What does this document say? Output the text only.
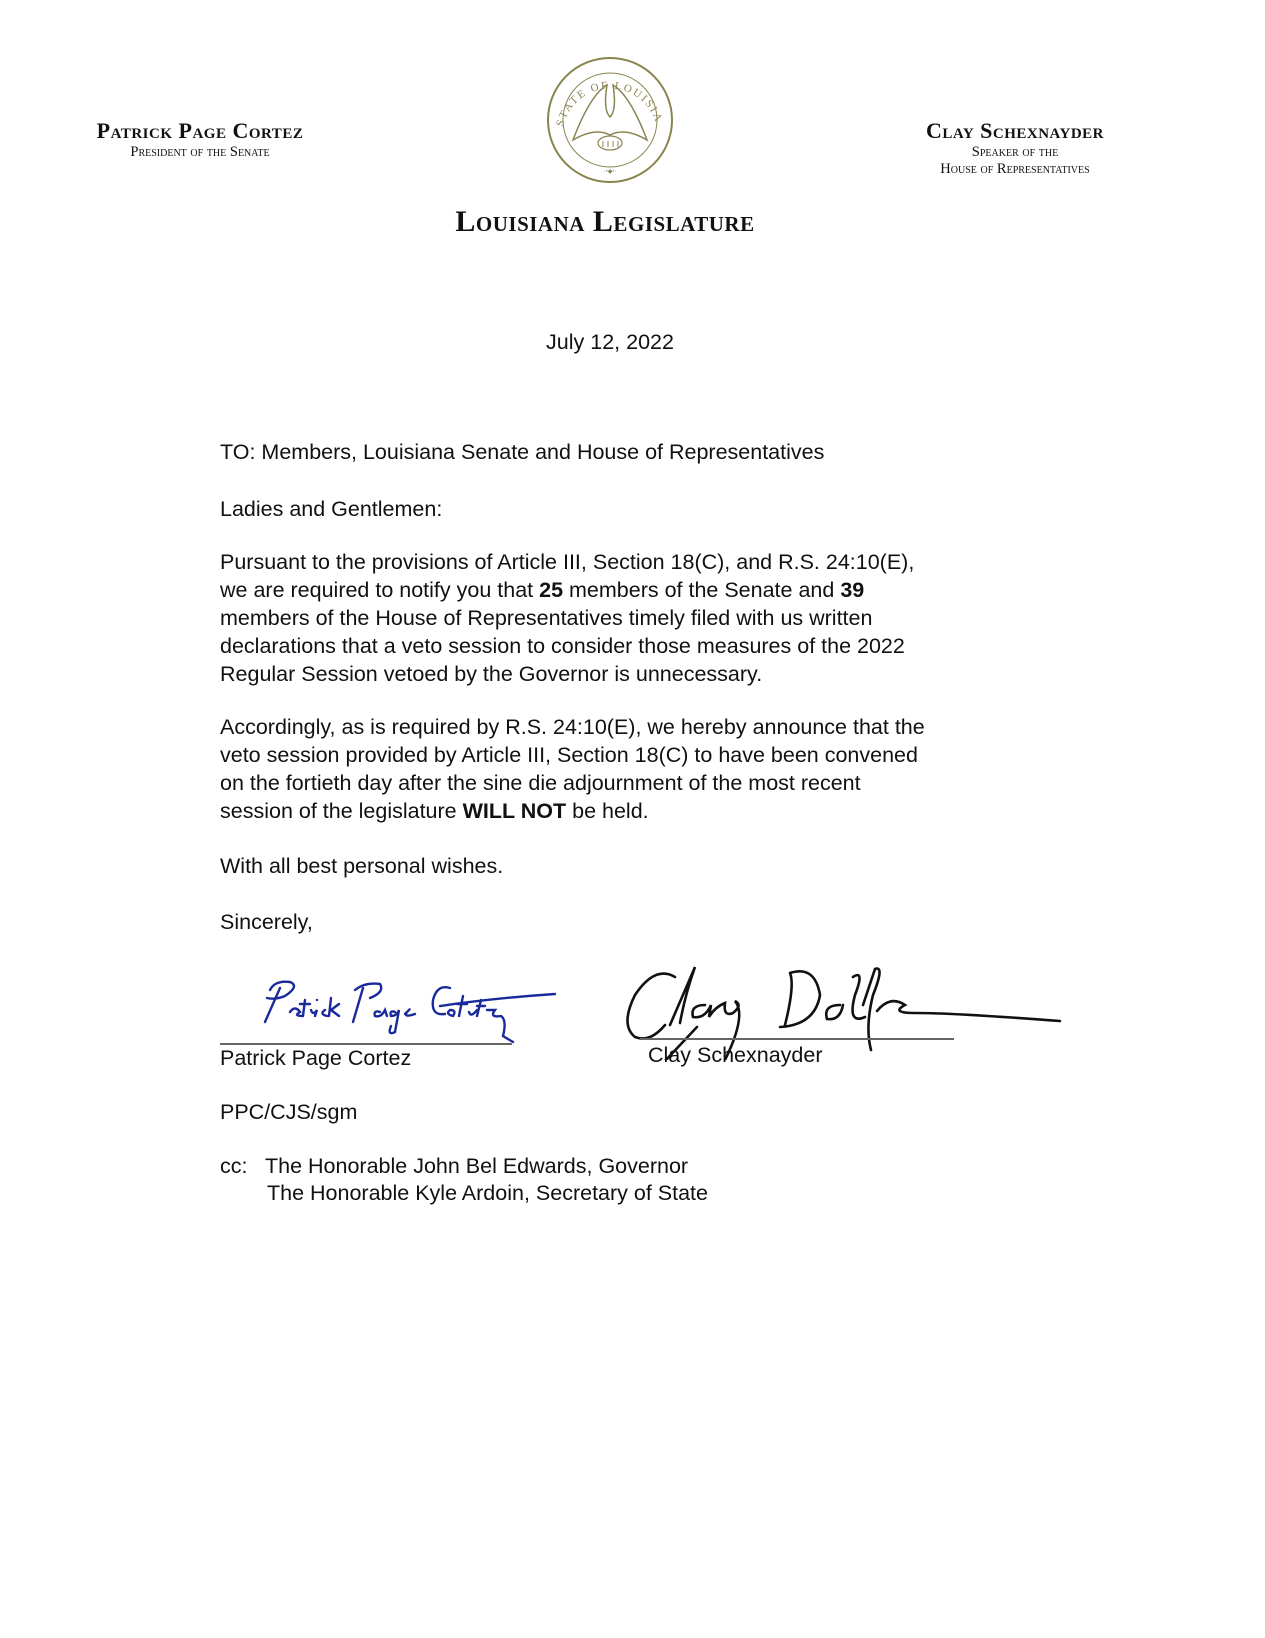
Patrick Page Cortez
President of the Senate
STATE OF LOUISIA
·•◆•·
Clay Schexnayder
Speaker of the
House of Representatives
Louisiana Legislature
July 12, 2022
TO: Members, Louisiana Senate and House of Representatives
Ladies and Gentlemen:
Pursuant to the provisions of Article III, Section 18(C), and R.S. 24:10(E),
we are required to notify you that 25 members of the Senate and 39
members of the House of Representatives timely filed with us written
declarations that a veto session to consider those measures of the 2022
Regular Session vetoed by the Governor is unnecessary.
Accordingly, as is required by R.S. 24:10(E), we hereby announce that the
veto session provided by Article III, Section 18(C) to have been convened
on the fortieth day after the sine die adjournment of the most recent
session of the legislature WILL NOT be held.
With all best personal wishes.
Sincerely,
Patrick Page Cortez	Clay Schexnayder
PPC/CJS/sgm
cc: The Honorable John Bel Edwards, Governor
The Honorable Kyle Ardoin, Secretary of State
